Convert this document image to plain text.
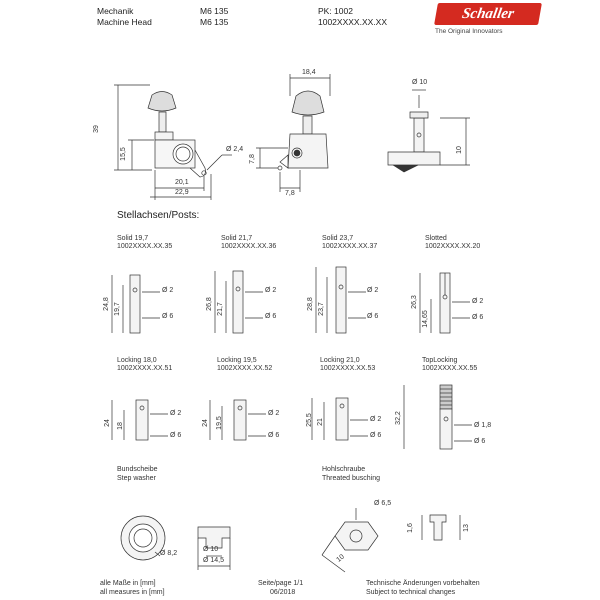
Mechanik
Machine Head
M6 135
M6 135
PK: 1002
1002XXXX.XX.XX	Schaller
The Original Innovators
39
15,5	Ø 2,4
20,1
22,9
18,4
7,8
7,8
Ø 10
10
Stellachsen/Posts:
Solid 19,7
1002XXXX.XX.35
24,8 19,7
Ø 2
Ø 6
Solid 21,7
1002XXXX.XX.36
26,8 21,7
Ø 2
Ø 6
Solid 23,7
1002XXXX.XX.37
28,8 23,7
Ø 2
Ø 6
Slotted
1002XXXX.XX.20
26,3
14,65
Ø 2
Ø 6
Locking 18,0
1002XXXX.XX.51
24 18
Ø 2
Ø 6
Locking 19,5
1002XXXX.XX.52
24 19,5
Ø 2
Ø 6
Locking 21,0
1002XXXX.XX.53
25,5 21	Ø 2
Ø 6
TopLocking
1002XXXX.XX.55
32,2
Ø 1,8
Ø 6
Bundscheibe
Step washer
Ø 8,2
Ø 10
Ø 14,5
Hohlschraube
Threated busching
Ø 6,5
10
1,6	13
alle Maße in [mm]
all measures in [mm]
Seite/page 1/1
06/2018
Technische Änderungen vorbehalten
Subject to technical changes
